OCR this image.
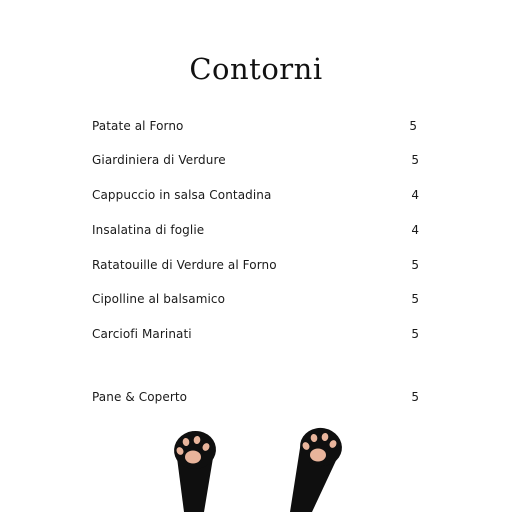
Contorni
Patate al Forno	5
Giardiniera di Verdure	5
Cappuccio in salsa Contadina	4
Insalatina di foglie	4
Ratatouille di Verdure al Forno	5
Cipolline al balsamico	5
Carciofi Marinati	5
Pane & Coperto	5
